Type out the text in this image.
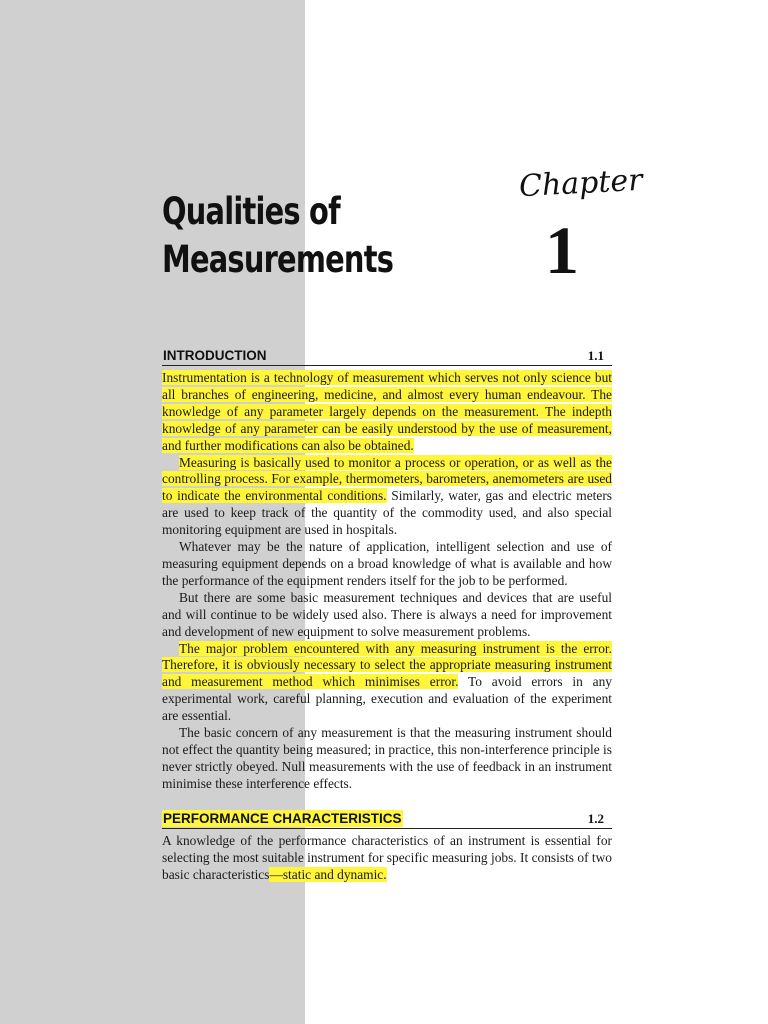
Qualities of
Measurements
Chapter
1
INTRODUCTION	1.1

Instrumentation is a technology of measurement which serves not only science but all branches of engineering, medicine, and almost every human endeavour. The knowledge of any parameter largely depends on the measurement. The indepth knowledge of any parameter can be easily understood by the use of measurement, and further modifications can also be obtained.

Measuring is basically used to monitor a process or operation, or as well as the controlling process. For example, thermometers, barometers, anemometers are used to indicate the environmental conditions. Similarly, water, gas and electric meters are used to keep track of the quantity of the commodity used, and also special monitoring equipment are used in hospitals.

Whatever may be the nature of application, intelligent selection and use of measuring equipment depends on a broad knowledge of what is available and how the performance of the equipment renders itself for the job to be performed.

But there are some basic measurement techniques and devices that are useful and will continue to be widely used also. There is always a need for improvement and development of new equipment to solve measurement problems.

The major problem encountered with any measuring instrument is the error. Therefore, it is obviously necessary to select the appropriate measuring instrument and measurement method which minimises error. To avoid errors in any experimental work, careful planning, execution and evaluation of the experiment are essential.

The basic concern of any measurement is that the measuring instrument should not effect the quantity being measured; in practice, this non-interference principle is never strictly obeyed. Null measurements with the use of feedback in an instrument minimise these interference effects.

PERFORMANCE CHARACTERISTICS	1.2

A knowledge of the performance characteristics of an instrument is essential for selecting the most suitable instrument for specific measuring jobs. It consists of two basic characteristics—static and dynamic.
